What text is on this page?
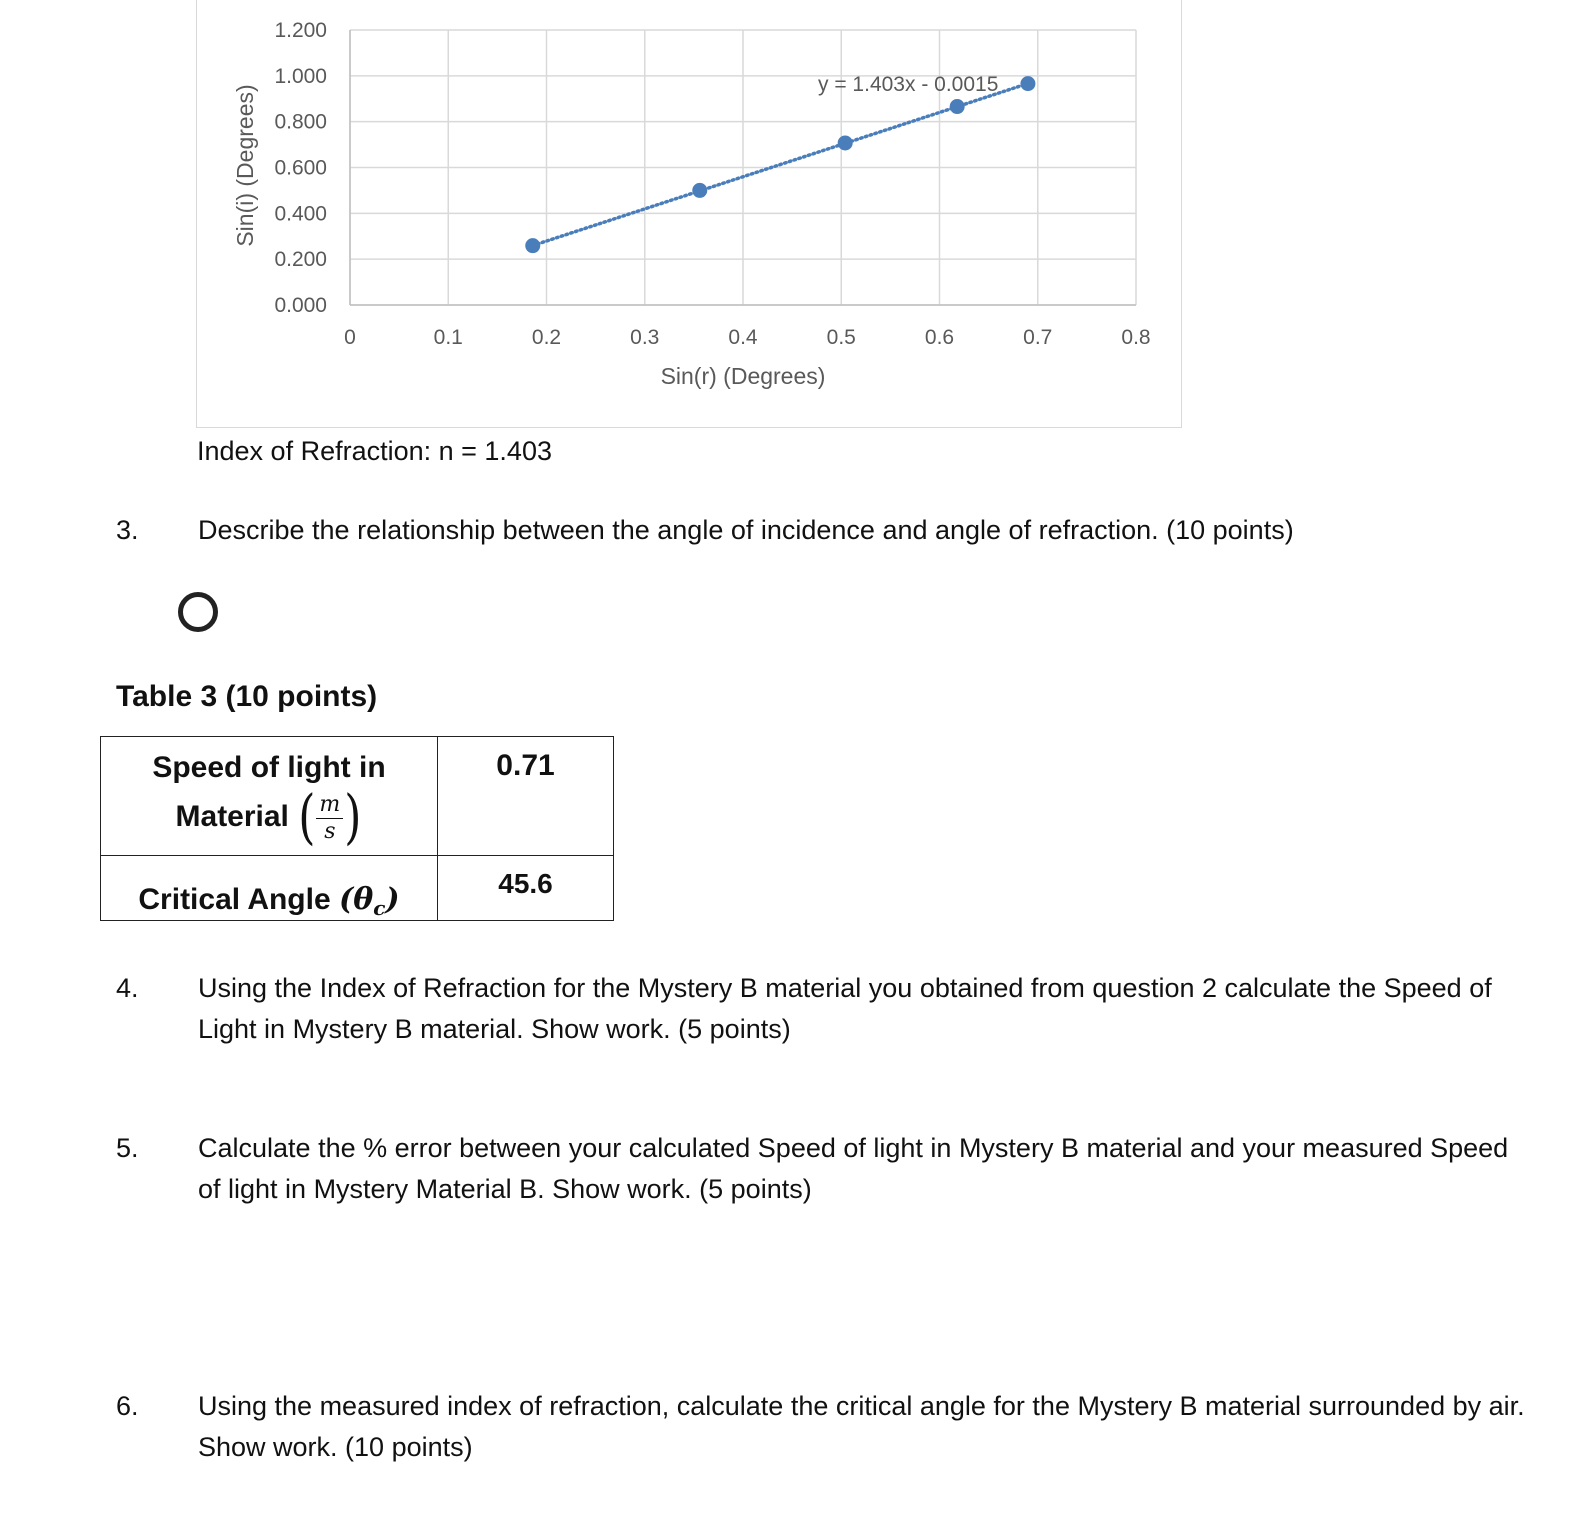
0.000
0.200
0.400
0.600
0.800
1.000
1.200
0	0.1	0.2	0.3	0.4	0.5	0.6	0.7	0.8
y = 1.403x - 0.0015
Sin(r) (Degrees)
Sin(i) (Degrees)
Index of Refraction: n = 1.403
3.	Describe the relationship between the angle of incidence and angle of refraction. (10 points)
Table 3 (10 points)
Speed of light in
Material ( $\frac{m}{s}$ )	0.71

Critical Angle $(\theta_c)$	45.6
4.	Using the Index of Refraction for the Mystery B material you obtained from question 2 calculate the Speed of Light in Mystery B material. Show work. (5 points)
5.	Calculate the % error between your calculated Speed of light in Mystery B material and your measured Speed of light in Mystery Material B. Show work. (5 points)
6.	Using the measured index of refraction, calculate the critical angle for the Mystery B material surrounded by air. Show work. (10 points)
